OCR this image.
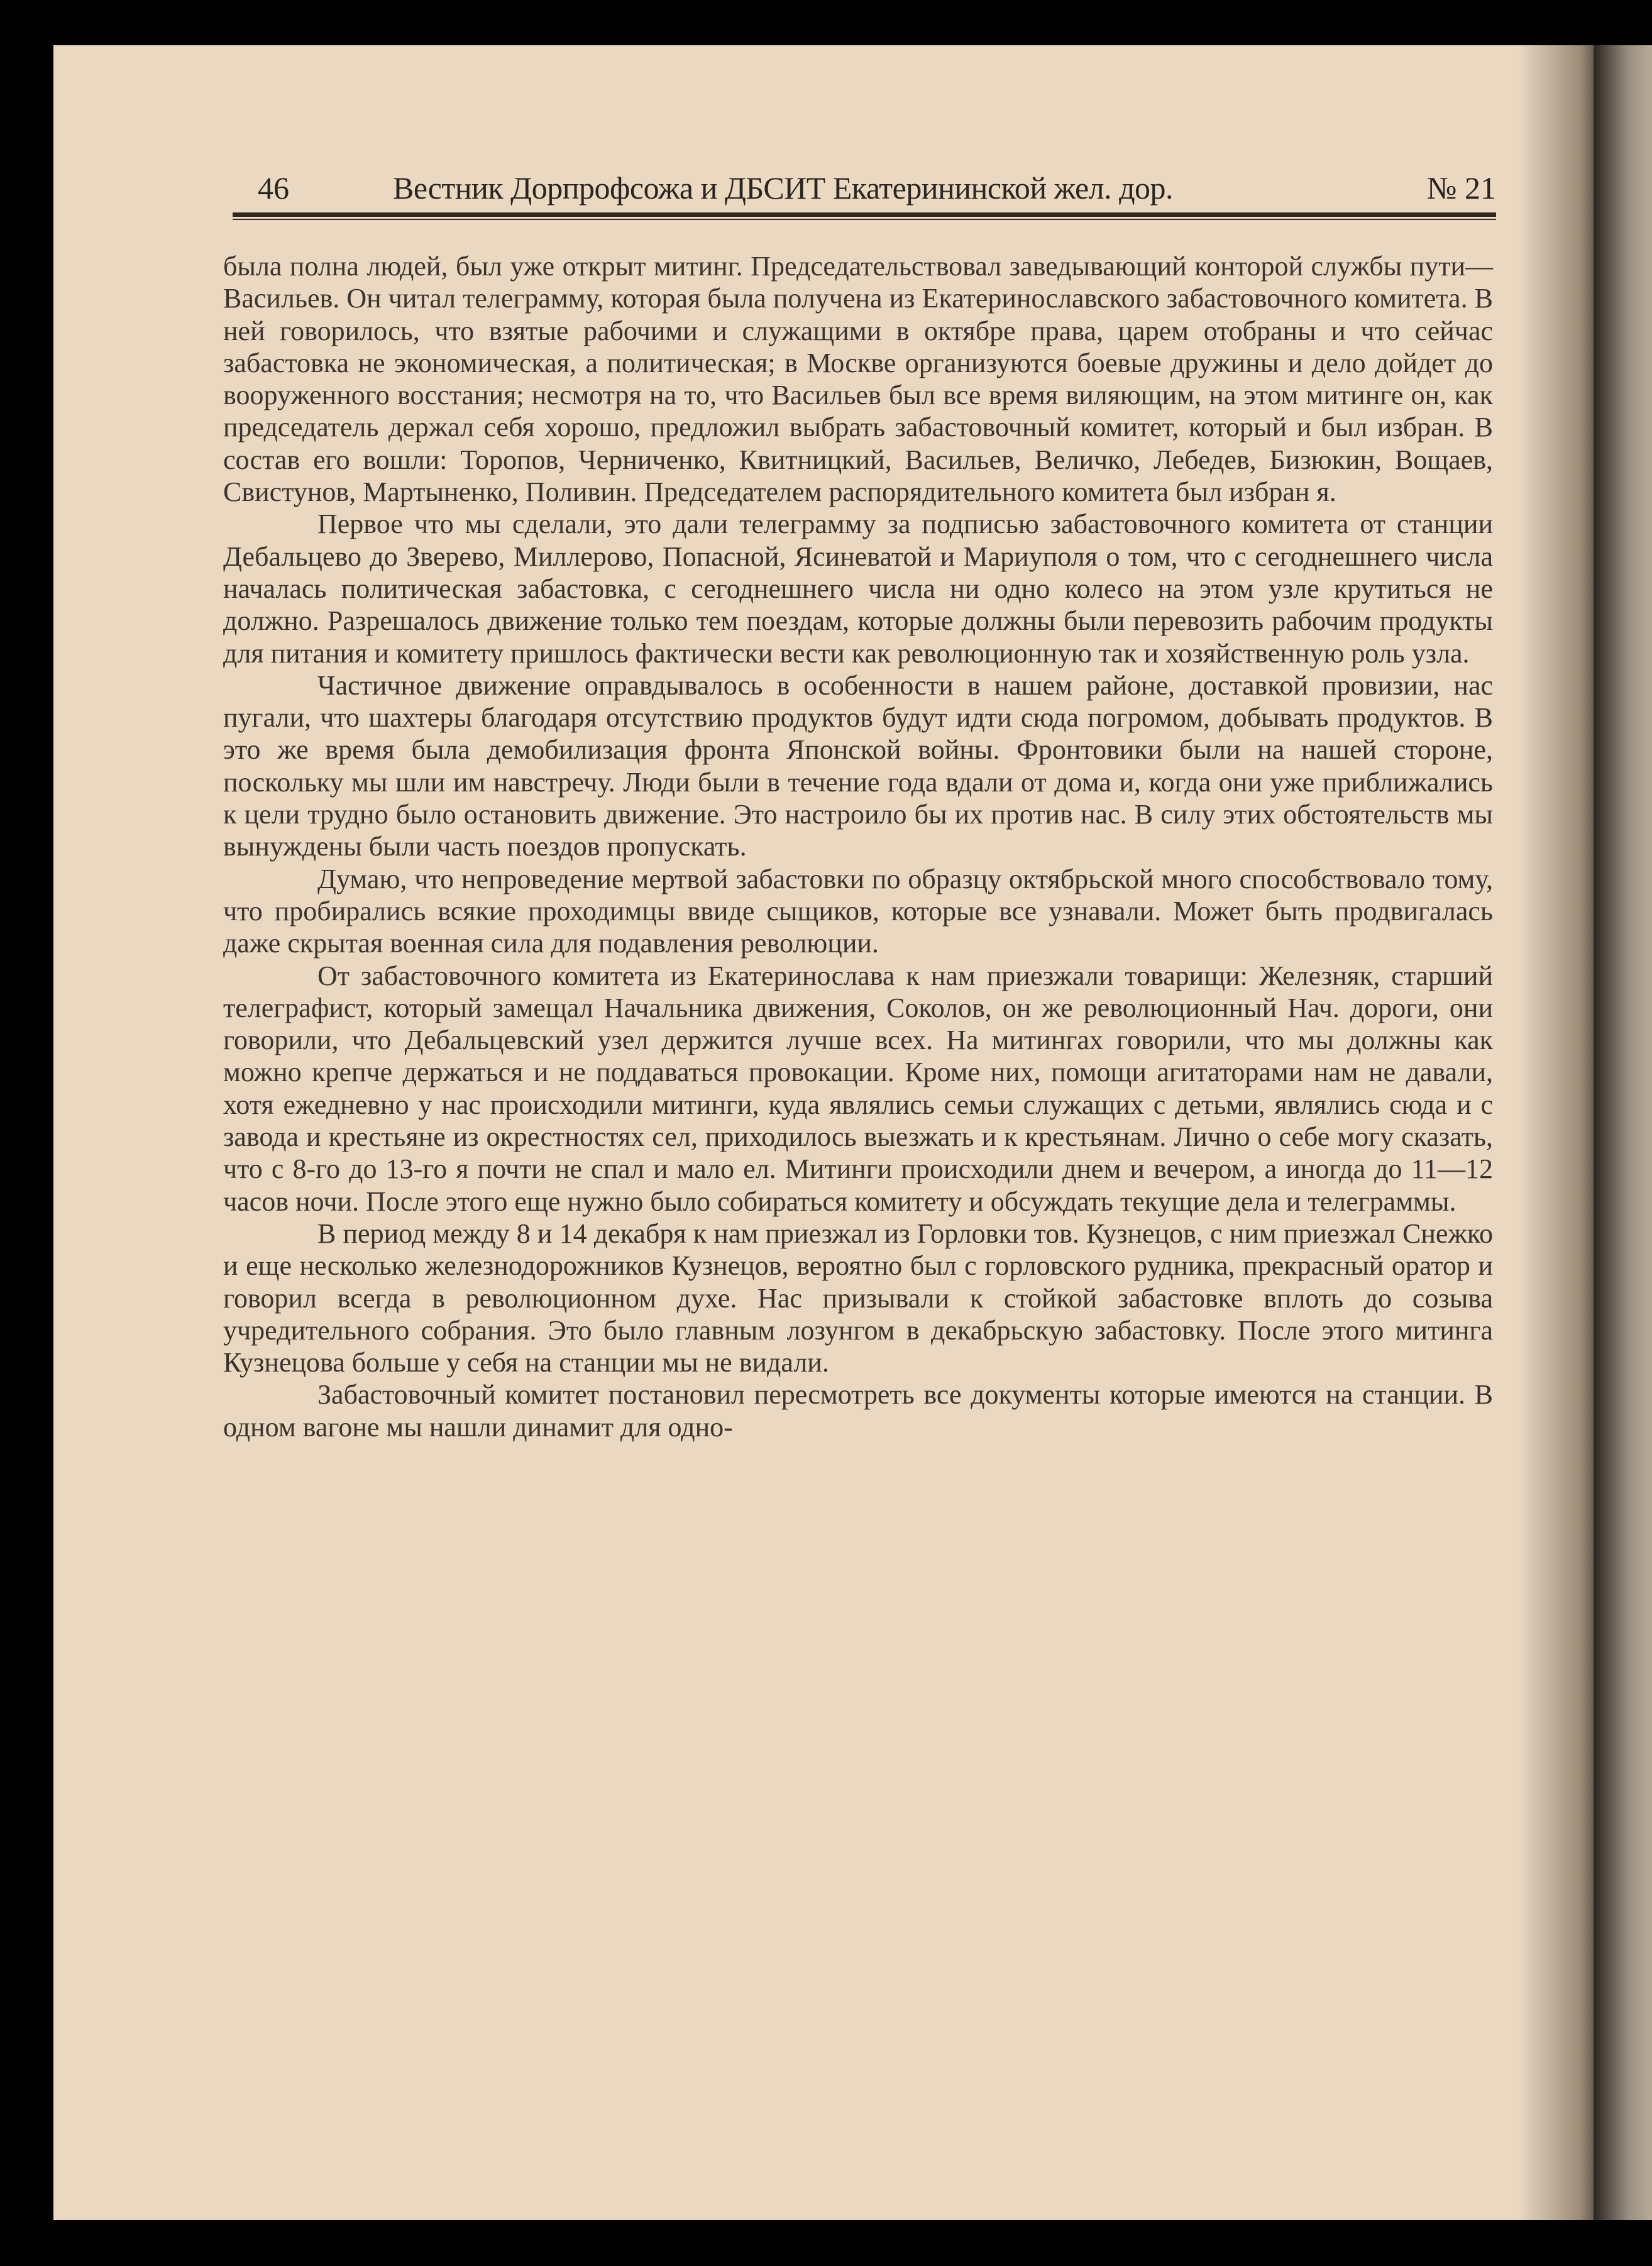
46	Вестник Дорпрофсожа и ДБСИТ Екатерининской жел. дор.	№ 21

была полна людей, был уже открыт митинг. Председательствовал заведывающий конторой службы пути—Васильев. Он читал телеграмму, которая была получена из Екатеринославского забастовочного комитета. В ней говорилось, что взятые рабочими и служащими в октябре права, царем отобраны и что сейчас забастовка не экономическая, а политическая; в Москве организуются боевые дружины и дело дойдет до вооруженного восстания; несмотря на то, что Васильев был все время виляющим, на этом митинге он, как председатель держал себя хорошо, предложил выбрать забастовочный комитет, который и был избран. В состав его вошли: Торопов, Черниченко, Квитницкий, Васильев, Величко, Лебедев, Бизюкин, Вощаев, Свистунов, Мартыненко, Поливин. Председателем распорядительного комитета был избран я.

Первое что мы сделали, это дали телеграмму за подписью забастовочного комитета от станции Дебальцево до Зверево, Миллерово, Попасной, Ясиневатой и Мариуполя о том, что с сегоднешнего числа началась политическая забастовка, с сегоднешнего числа ни одно колесо на этом узле крутиться не должно. Разрешалось движение только тем поездам, которые должны были перевозить рабочим продукты для питания и комитету пришлось фактически вести как революционную так и хозяйственную роль узла.

Частичное движение оправдывалось в особенности в нашем районе, доставкой провизии, нас пугали, что шахтеры благодаря отсутствию продуктов будут идти сюда погромом, добывать продуктов. В это же время была демобилизация фронта Японской войны. Фронтовики были на нашей стороне, поскольку мы шли им навстречу. Люди были в течение года вдали от дома и, когда они уже приближались к цели трудно было остановить движение. Это настроило бы их против нас. В силу этих обстоятельств мы вынуждены были часть поездов пропускать.

Думаю, что непроведение мертвой забастовки по образцу октябрьской много способствовало тому, что пробирались всякие проходимцы ввиде сыщиков, которые все узнавали. Может быть продвигалась даже скрытая военная сила для подавления революции.

От забастовочного комитета из Екатеринослава к нам приезжали товарищи: Железняк, старший телеграфист, который замещал Начальника движения, Соколов, он же революционный Нач. дороги, они говорили, что Дебальцевский узел держится лучше всех. На митингах говорили, что мы должны как можно крепче держаться и не поддаваться провокации. Кроме них, помощи агитаторами нам не давали, хотя ежедневно у нас происходили митинги, куда являлись семьи служащих с детьми, являлись сюда и с завода и крестьяне из окрестностях сел, приходилось выезжать и к крестьянам. Лично о себе могу сказать, что с 8-го до 13-го я почти не спал и мало ел. Митинги происходили днем и вечером, а иногда до 11—12 часов ночи. После этого еще нужно было собираться комитету и обсуждать текущие дела и телеграммы.

В период между 8 и 14 декабря к нам приезжал из Горловки тов. Кузнецов, с ним приезжал Снежко и еще несколько железнодорожников Кузнецов, вероятно был с горловского рудника, прекрасный оратор и говорил всегда в революционном духе. Нас призывали к стойкой забастовке вплоть до созыва учредительного собрания. Это было главным лозунгом в декабрьскую забастовку. После этого митинга Кузнецова больше у себя на станции мы не видали.

Забастовочный комитет постановил пересмотреть все документы которые имеются на станции. В одном вагоне мы нашли динамит для одно-
